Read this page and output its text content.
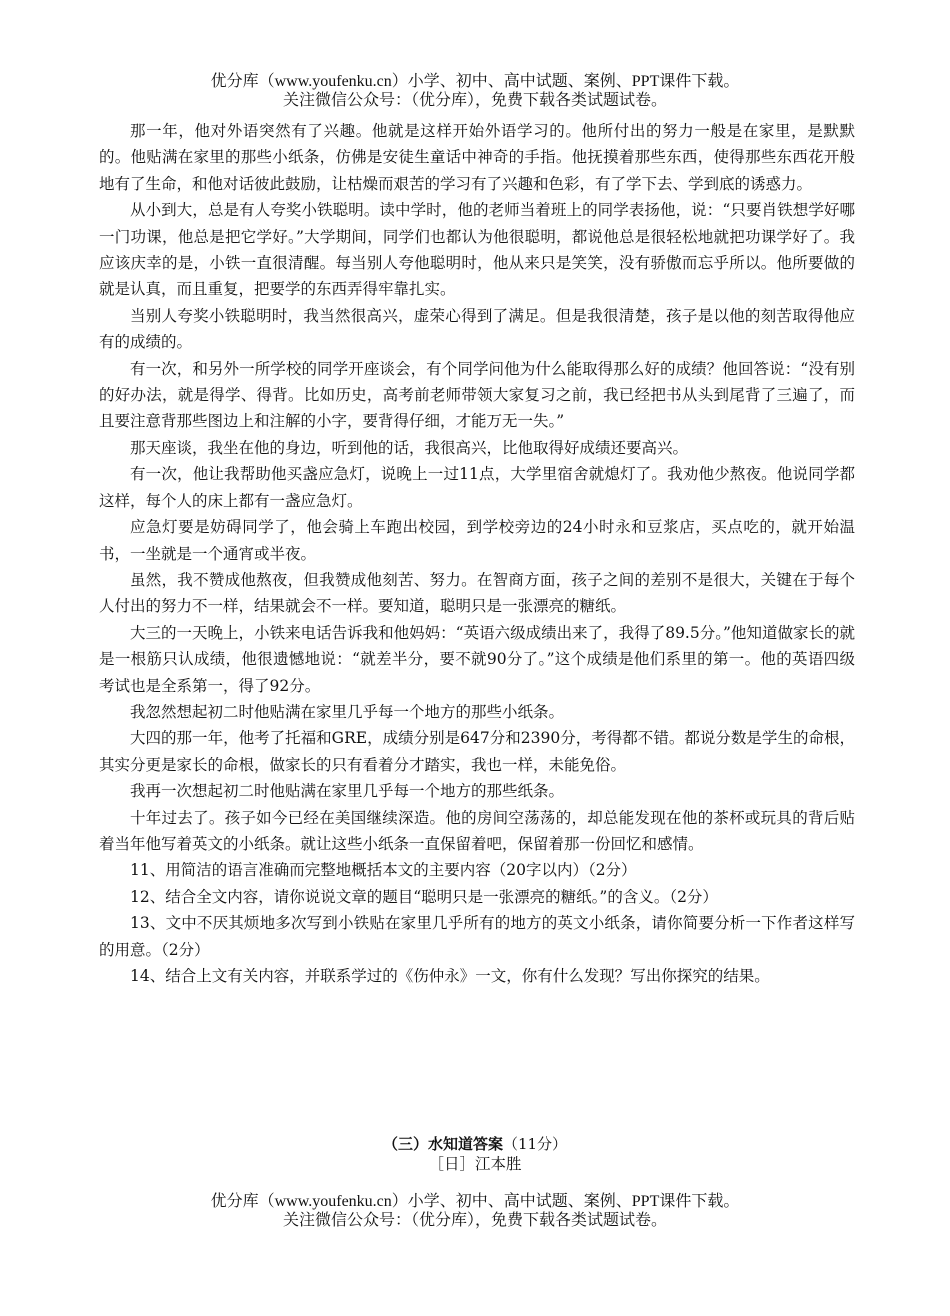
优分库（www.youfenku.cn）小学、初中、高中试题、案例、PPT课件下载。
关注微信公众号：（优分库），免费下载各类试题试卷。

那一年，他对外语突然有了兴趣。他就是这样开始外语学习的。他所付出的努力一般是在家里，是默默的。他贴满在家里的那些小纸条，仿佛是安徒生童话中神奇的手指。他抚摸着那些东西，使得那些东西花开般地有了生命，和他对话彼此鼓励，让枯燥而艰苦的学习有了兴趣和色彩，有了学下去、学到底的诱惑力。

从小到大，总是有人夸奖小铁聪明。读中学时，他的老师当着班上的同学表扬他，说：“只要肖铁想学好哪一门功课，他总是把它学好。”大学期间，同学们也都认为他很聪明，都说他总是很轻松地就把功课学好了。我应该庆幸的是，小铁一直很清醒。每当别人夸他聪明时，他从来只是笑笑，没有骄傲而忘乎所以。他所要做的就是认真，而且重复，把要学的东西弄得牢靠扎实。

当别人夸奖小铁聪明时，我当然很高兴，虚荣心得到了满足。但是我很清楚，孩子是以他的刻苦取得他应有的成绩的。

有一次，和另外一所学校的同学开座谈会，有个同学问他为什么能取得那么好的成绩？他回答说：“没有别的好办法，就是得学、得背。比如历史，高考前老师带领大家复习之前，我已经把书从头到尾背了三遍了，而且要注意背那些图边上和注解的小字，要背得仔细，才能万无一失。”

那天座谈，我坐在他的身边，听到他的话，我很高兴，比他取得好成绩还要高兴。

有一次，他让我帮助他买盏应急灯，说晚上一过11点，大学里宿舍就熄灯了。我劝他少熬夜。他说同学都这样，每个人的床上都有一盏应急灯。

应急灯要是妨碍同学了，他会骑上车跑出校园，到学校旁边的24小时永和豆浆店，买点吃的，就开始温书，一坐就是一个通宵或半夜。

虽然，我不赞成他熬夜，但我赞成他刻苦、努力。在智商方面，孩子之间的差别不是很大，关键在于每个人付出的努力不一样，结果就会不一样。要知道，聪明只是一张漂亮的糖纸。

大三的一天晚上，小铁来电话告诉我和他妈妈：“英语六级成绩出来了，我得了89.5分。”他知道做家长的就是一根筋只认成绩，他很遗憾地说：“就差半分，要不就90分了。”这个成绩是他们系里的第一。他的英语四级考试也是全系第一，得了92分。

我忽然想起初二时他贴满在家里几乎每一个地方的那些小纸条。

大四的那一年，他考了托福和GRE，成绩分别是647分和2390分，考得都不错。都说分数是学生的命根，其实分更是家长的命根，做家长的只有看着分才踏实，我也一样，未能免俗。

我再一次想起初二时他贴满在家里几乎每一个地方的那些纸条。

十年过去了。孩子如今已经在美国继续深造。他的房间空荡荡的，却总能发现在他的茶杯或玩具的背后贴着当年他写着英文的小纸条。就让这些小纸条一直保留着吧，保留着那一份回忆和感情。

11、用简洁的语言准确而完整地概括本文的主要内容（20字以内）（2分）

12、结合全文内容，请你说说文章的题目“聪明只是一张漂亮的糖纸。”的含义。（2分）

13、文中不厌其烦地多次写到小铁贴在家里几乎所有的地方的英文小纸条，请你简要分析一下作者这样写的用意。（2分）

14、结合上文有关内容，并联系学过的《伤仲永》一文，你有什么发现？写出你探究的结果。

（三）水知道答案（11分）
［日］江本胜
优分库（www.youfenku.cn）小学、初中、高中试题、案例、PPT课件下载。
关注微信公众号：（优分库），免费下载各类试题试卷。
